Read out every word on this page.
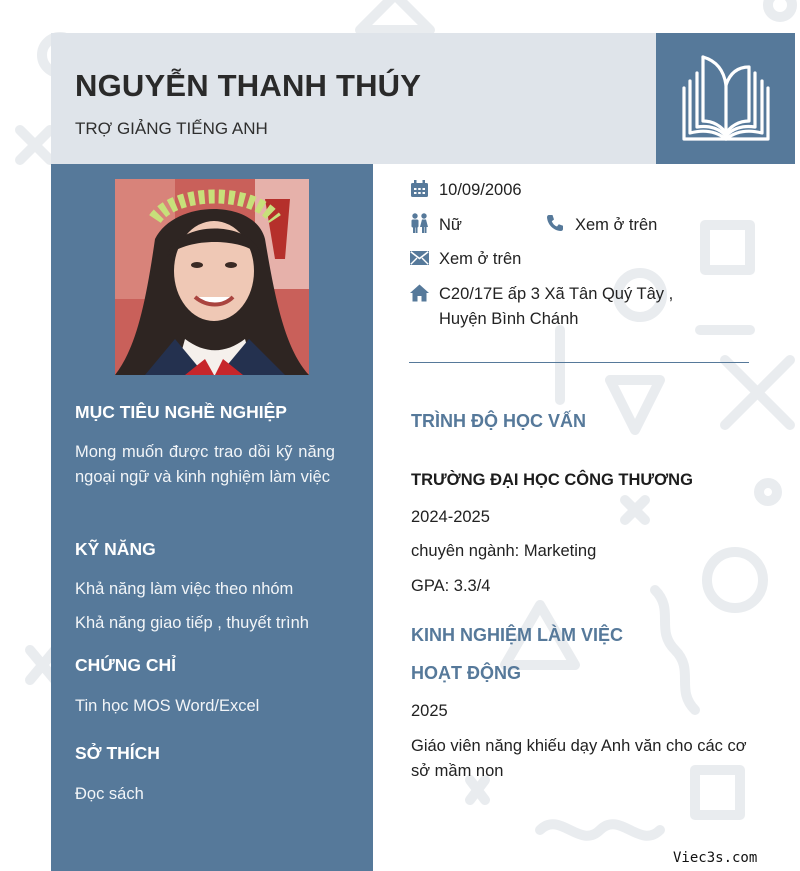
NGUYỄN THANH THÚY
TRỢ GIẢNG TIẾNG ANH
MỤC TIÊU NGHỀ NGHIỆP
Mong muốn được trao dồi kỹ năng ngoại ngữ và kinh nghiệm làm việc
KỸ NĂNG
Khả năng làm việc theo nhóm
Khả năng giao tiếp , thuyết trình
CHỨNG CHỈ
Tin học MOS Word/Excel
SỞ THÍCH
Đọc sách
10/09/2006
Nữ	Xem ở trên
Xem ở trên
C20/17E ấp 3 Xã Tân Quý Tây ,
Huyện Bình Chánh
TRÌNH ĐỘ HỌC VẤN
TRƯỜNG ĐẠI HỌC CÔNG THƯƠNG
2024-2025
chuyên ngành: Marketing
GPA: 3.3/4
KINH NGHIỆM LÀM VIỆC
HOẠT ĐỘNG
2025
Giáo viên năng khiếu dạy Anh văn cho các cơ sở mầm non
Viec3s.com
